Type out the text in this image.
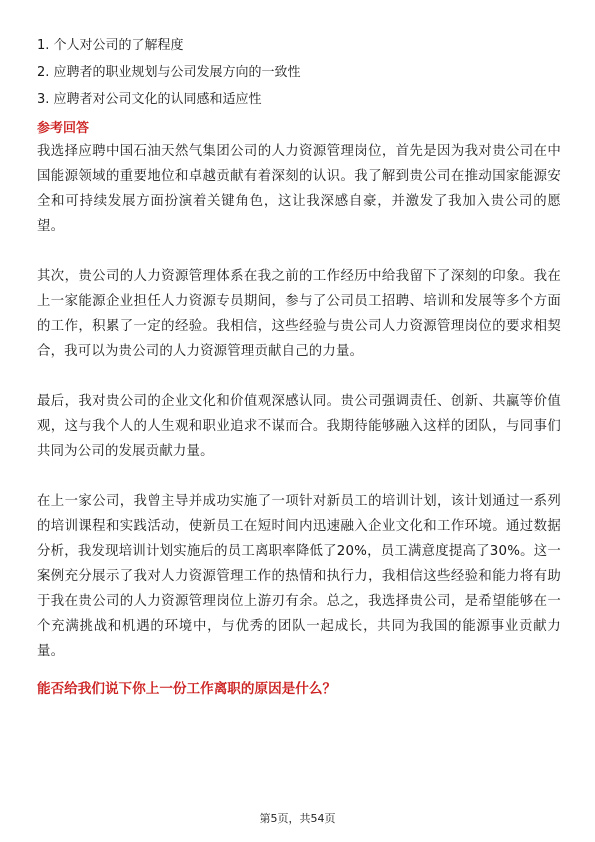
1. 个人对公司的了解程度
2. 应聘者的职业规划与公司发展方向的一致性
3. 应聘者对公司文化的认同感和适应性
参考回答

我选择应聘中国石油天然气集团公司的人力资源管理岗位，首先是因为我对贵公司在中国能源领域的重要地位和卓越贡献有着深刻的认识。我了解到贵公司在推动国家能源安全和可持续发展方面扮演着关键角色，这让我深感自豪，并激发了我加入贵公司的愿望。

其次，贵公司的人力资源管理体系在我之前的工作经历中给我留下了深刻的印象。我在上一家能源企业担任人力资源专员期间，参与了公司员工招聘、培训和发展等多个方面的工作，积累了一定的经验。我相信，这些经验与贵公司人力资源管理岗位的要求相契合，我可以为贵公司的人力资源管理贡献自己的力量。

最后，我对贵公司的企业文化和价值观深感认同。贵公司强调责任、创新、共赢等价值观，这与我个人的人生观和职业追求不谋而合。我期待能够融入这样的团队，与同事们共同为公司的发展贡献力量。

在上一家公司，我曾主导并成功实施了一项针对新员工的培训计划，该计划通过一系列的培训课程和实践活动，使新员工在短时间内迅速融入企业文化和工作环境。通过数据分析，我发现培训计划实施后的员工离职率降低了20%，员工满意度提高了30%。这一案例充分展示了我对人力资源管理工作的热情和执行力，我相信这些经验和能力将有助于我在贵公司的人力资源管理岗位上游刃有余。总之，我选择贵公司，是希望能够在一个充满挑战和机遇的环境中，与优秀的团队一起成长，共同为我国的能源事业贡献力量。

能否给我们说下你上一份工作离职的原因是什么？
第5页，共54页
